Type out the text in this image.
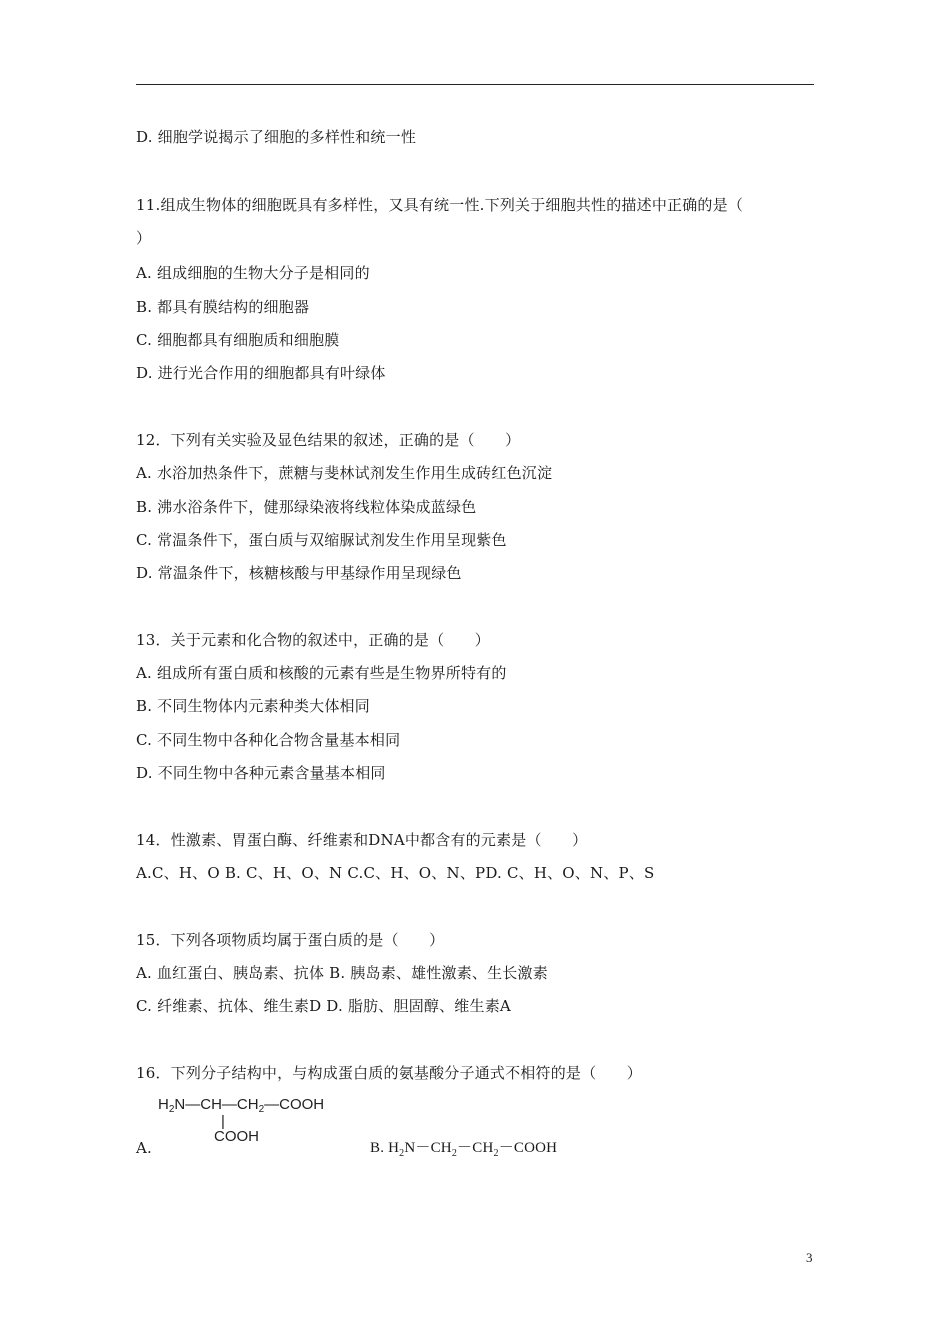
D. 细胞学说揭示了细胞的多样性和统一性
11.组成生物体的细胞既具有多样性，又具有统一性.下列关于细胞共性的描述中正确的是（
）
A. 组成细胞的生物大分子是相同的
B. 都具有膜结构的细胞器
C. 细胞都具有细胞质和细胞膜
D. 进行光合作用的细胞都具有叶绿体
12．下列有关实验及显色结果的叙述，正确的是（　　）
A. 水浴加热条件下，蔗糖与斐林试剂发生作用生成砖红色沉淀
B. 沸水浴条件下，健那绿染液将线粒体染成蓝绿色
C. 常温条件下，蛋白质与双缩脲试剂发生作用呈现紫色
D. 常温条件下，核糖核酸与甲基绿作用呈现绿色
13．关于元素和化合物的叙述中，正确的是（　　）
A. 组成所有蛋白质和核酸的元素有些是生物界所特有的
B. 不同生物体内元素种类大体相同
C. 不同生物中各种化合物含量基本相同
D. 不同生物中各种元素含量基本相同
14．性激素、胃蛋白酶、纤维素和DNA中都含有的元素是（　　）
A.C、H、O B. C、H、O、N C.C、H、O、N、PD. C、H、O、N、P、S
15．下列各项物质均属于蛋白质的是（　　）
A. 血红蛋白、胰岛素、抗体 B. 胰岛素、雄性激素、生长激素
C. 纤维素、抗体、维生素D D. 脂肪、胆固醇、维生素A
16．下列分子结构中，与构成蛋白质的氨基酸分子通式不相符的是（　　）
$H_2N—CH—CH_2—COOH$
|
COOH
A.	B. $H_2N-CH_2-CH_2-COOH$
3
